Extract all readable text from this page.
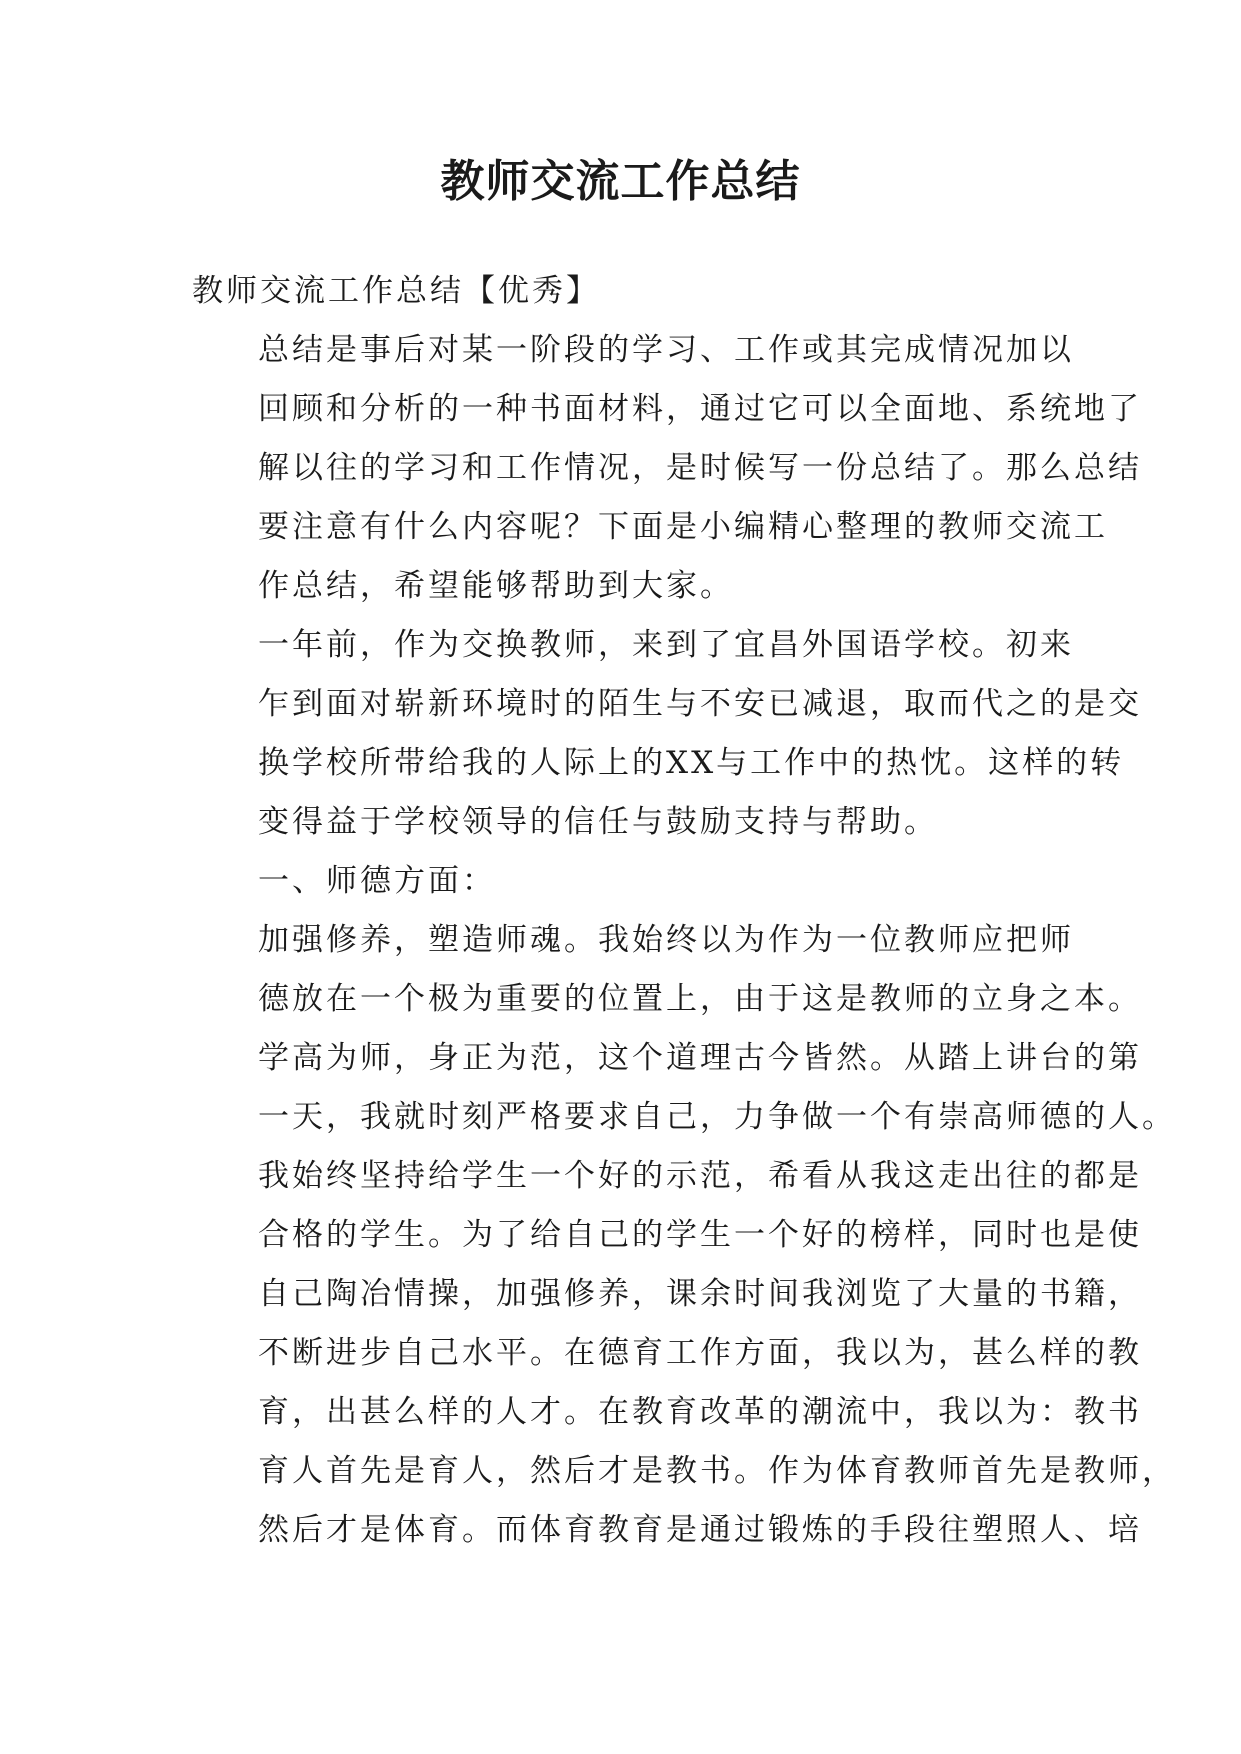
教师交流工作总结

教师交流工作总结【优秀】

总结是事后对某一阶段的学习、工作或其完成情况加以
回顾和分析的一种书面材料，通过它可以全面地、系统地了
解以往的学习和工作情况，是时候写一份总结了。那么总结
要注意有什么内容呢？下面是小编精心整理的教师交流工
作总结，希望能够帮助到大家。

一年前，作为交换教师，来到了宜昌外国语学校。初来
乍到面对崭新环境时的陌生与不安已减退，取而代之的是交
换学校所带给我的人际上的XX与工作中的热忱。这样的转
变得益于学校领导的信任与鼓励支持与帮助。

一、师德方面：

加强修养，塑造师魂。我始终以为作为一位教师应把师
德放在一个极为重要的位置上，由于这是教师的立身之本。
学高为师，身正为范，这个道理古今皆然。从踏上讲台的第
一天，我就时刻严格要求自己，力争做一个有崇高师德的人。
我始终坚持给学生一个好的示范，希看从我这走出往的都是
合格的学生。为了给自己的学生一个好的榜样，同时也是使
自己陶冶情操，加强修养，课余时间我浏览了大量的书籍，
不断进步自己水平。在德育工作方面，我以为，甚么样的教
育，出甚么样的人才。在教育改革的潮流中，我以为：教书
育人首先是育人，然后才是教书。作为体育教师首先是教师，
然后才是体育。而体育教育是通过锻炼的手段往塑照人、培
